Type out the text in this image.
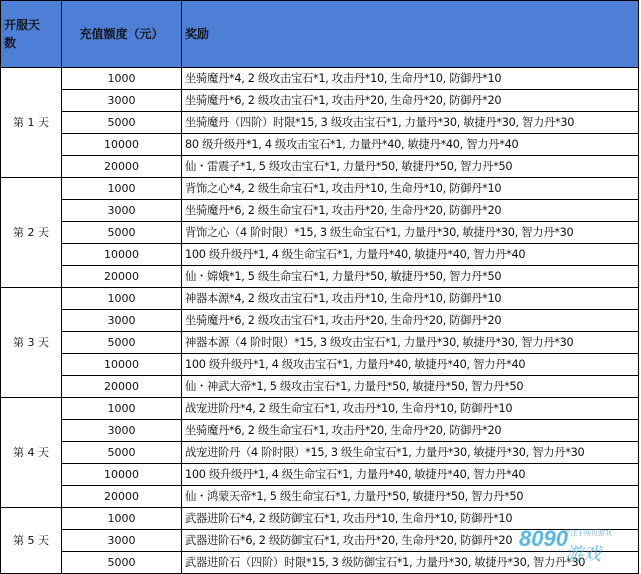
开服天
数	充值额度（元）	奖励
第 1 天	1000	坐骑魔丹*4, 2 级攻击宝石*1, 攻击丹*10, 生命丹*10, 防御丹*10
	3000	坐骑魔丹*6, 2 级攻击宝石*1, 攻击丹*20, 生命丹*20, 防御丹*20
	5000	坐骑魔丹（四阶）时限*15, 3 级攻击宝石*1, 力量丹*30, 敏捷丹*30, 智力丹*30
	10000	80 级升级丹*1, 4 级攻击宝石*1, 力量丹*40, 敏捷丹*40, 智力丹*40
	20000	仙・雷震子*1, 5 级攻击宝石*1, 力量丹*50, 敏捷丹*50, 智力丹*50
第 2 天	1000	背饰之心*4, 2 级生命宝石*1, 攻击丹*10, 生命丹*10, 防御丹*10
	3000	坐骑魔丹*6, 2 级生命宝石*1, 攻击丹*20, 生命丹*20, 防御丹*20
	5000	背饰之心（4 阶时限）*15, 3 级生命宝石*1, 力量丹*30, 敏捷丹*30, 智力丹*30
	10000	100 级升级丹*1, 4 级生命宝石*1, 力量丹*40, 敏捷丹*40, 智力丹*40
	20000	仙・嫦娥*1, 5 级生命宝石*1, 力量丹*50, 敏捷丹*50, 智力丹*50
第 3 天	1000	神器本源*4, 2 级攻击宝石*1, 攻击丹*10, 生命丹*10, 防御丹*10
	3000	坐骑魔丹*6, 2 级攻击宝石*1, 攻击丹*20, 生命丹*20, 防御丹*20
	5000	神器本源（4 阶时限）*15, 3 级攻击宝石*1, 力量丹*30, 敏捷丹*30, 智力丹*30
	10000	100 级升级丹*1, 4 级攻击宝石*1, 力量丹*40, 敏捷丹*40, 智力丹*40
	20000	仙・神武大帝*1, 5 级攻击宝石*1, 力量丹*50, 敏捷丹*50, 智力丹*50
第 4 天	1000	战宠进阶丹*4, 2 级生命宝石*1, 攻击丹*10, 生命丹*10, 防御丹*10
	3000	坐骑魔丹*6, 2 级生命宝石*1, 攻击丹*20, 生命丹*20, 防御丹*20
	5000	战宠进阶丹（4 阶时限）*15, 3 级生命宝石*1, 力量丹*30, 敏捷丹*30, 智力丹*30
	10000	100 级升级丹*1, 4 级生命宝石*1, 力量丹*40, 敏捷丹*40, 智力丹*40
	20000	仙・鸿蒙天帝*1, 5 级生命宝石*1, 力量丹*50, 敏捷丹*50, 智力丹*50
第 5 天	1000	武器进阶石*4, 2 级防御宝石*1, 攻击丹*10, 生命丹*10, 防御丹*10
	3000	武器进阶石*6, 2 级防御宝石*1, 攻击丹*20, 生命丹*20, 防御丹*20
	5000	武器进阶石（四阶）时限*15, 3 级防御宝石*1, 力量丹*30, 敏捷丹*30, 智力丹*30
8090
专注于网页游戏
游戏
